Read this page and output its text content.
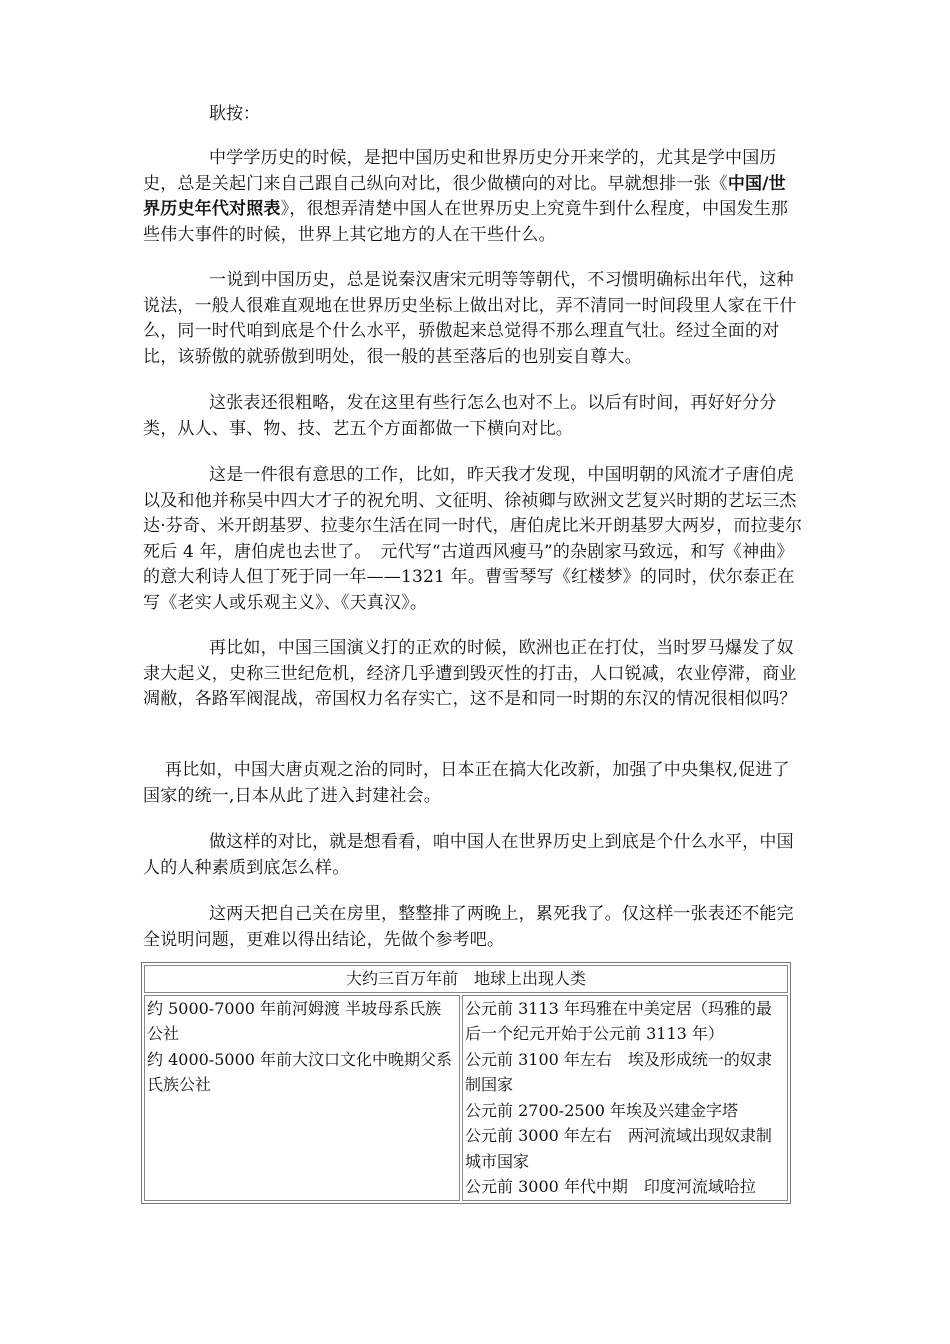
耿按：

中学学历史的时候，是把中国历史和世界历史分开来学的，尤其是学中国历史，总是关起门来自己跟自己纵向对比，很少做横向的对比。早就想排一张《中国/世界历史年代对照表》，很想弄清楚中国人在世界历史上究竟牛到什么程度，中国发生那些伟大事件的时候，世界上其它地方的人在干些什么。

一说到中国历史，总是说秦汉唐宋元明等等朝代，不习惯明确标出年代，这种说法，一般人很难直观地在世界历史坐标上做出对比，弄不清同一时间段里人家在干什么，同一时代咱到底是个什么水平，骄傲起来总觉得不那么理直气壮。经过全面的对比，该骄傲的就骄傲到明处，很一般的甚至落后的也别妄自尊大。

这张表还很粗略，发在这里有些行怎么也对不上。以后有时间，再好好分分类，从人、事、物、技、艺五个方面都做一下横向对比。

这是一件很有意思的工作，比如，昨天我才发现，中国明朝的风流才子唐伯虎以及和他并称吴中四大才子的祝允明、文征明、徐祯卿与欧洲文艺复兴时期的艺坛三杰达·芬奇、米开朗基罗、拉斐尔生活在同一时代，唐伯虎比米开朗基罗大两岁，而拉斐尔死后 4 年，唐伯虎也去世了。　元代写“古道西风瘦马”的杂剧家马致远，和写《神曲》的意大利诗人但丁死于同一年——1321 年。曹雪琴写《红楼梦》的同时，伏尔泰正在写《老实人或乐观主义》、《天真汉》。

再比如，中国三国演义打的正欢的时候，欧洲也正在打仗，当时罗马爆发了奴隶大起义，史称三世纪危机，经济几乎遭到毁灭性的打击，人口锐减，农业停滞，商业凋敝，各路军阀混战，帝国权力名存实亡，这不是和同一时期的东汉的情况很相似吗？

再比如，中国大唐贞观之治的同时，日本正在搞大化改新，加强了中央集权,促进了国家的统一,日本从此了进入封建社会。

做这样的对比，就是想看看，咱中国人在世界历史上到底是个什么水平，中国人的人种素质到底怎么样。

这两天把自己关在房里，整整排了两晚上，累死我了。仅这样一张表还不能完全说明问题，更难以得出结论，先做个参考吧。

大约三百万年前　地球上出现人类

约 5000-7000 年前河姆渡 半坡母系氏族公社
约 4000-5000 年前大汶口文化中晚期父系氏族公社

公元前 3113 年玛雅在中美定居（玛雅的最后一个纪元开始于公元前 3113 年）
公元前 3100 年左右　埃及形成统一的奴隶制国家
公元前 2700-2500 年埃及兴建金字塔
公元前 3000 年左右　两河流域出现奴隶制城市国家
公元前 3000 年代中期　印度河流域哈拉
